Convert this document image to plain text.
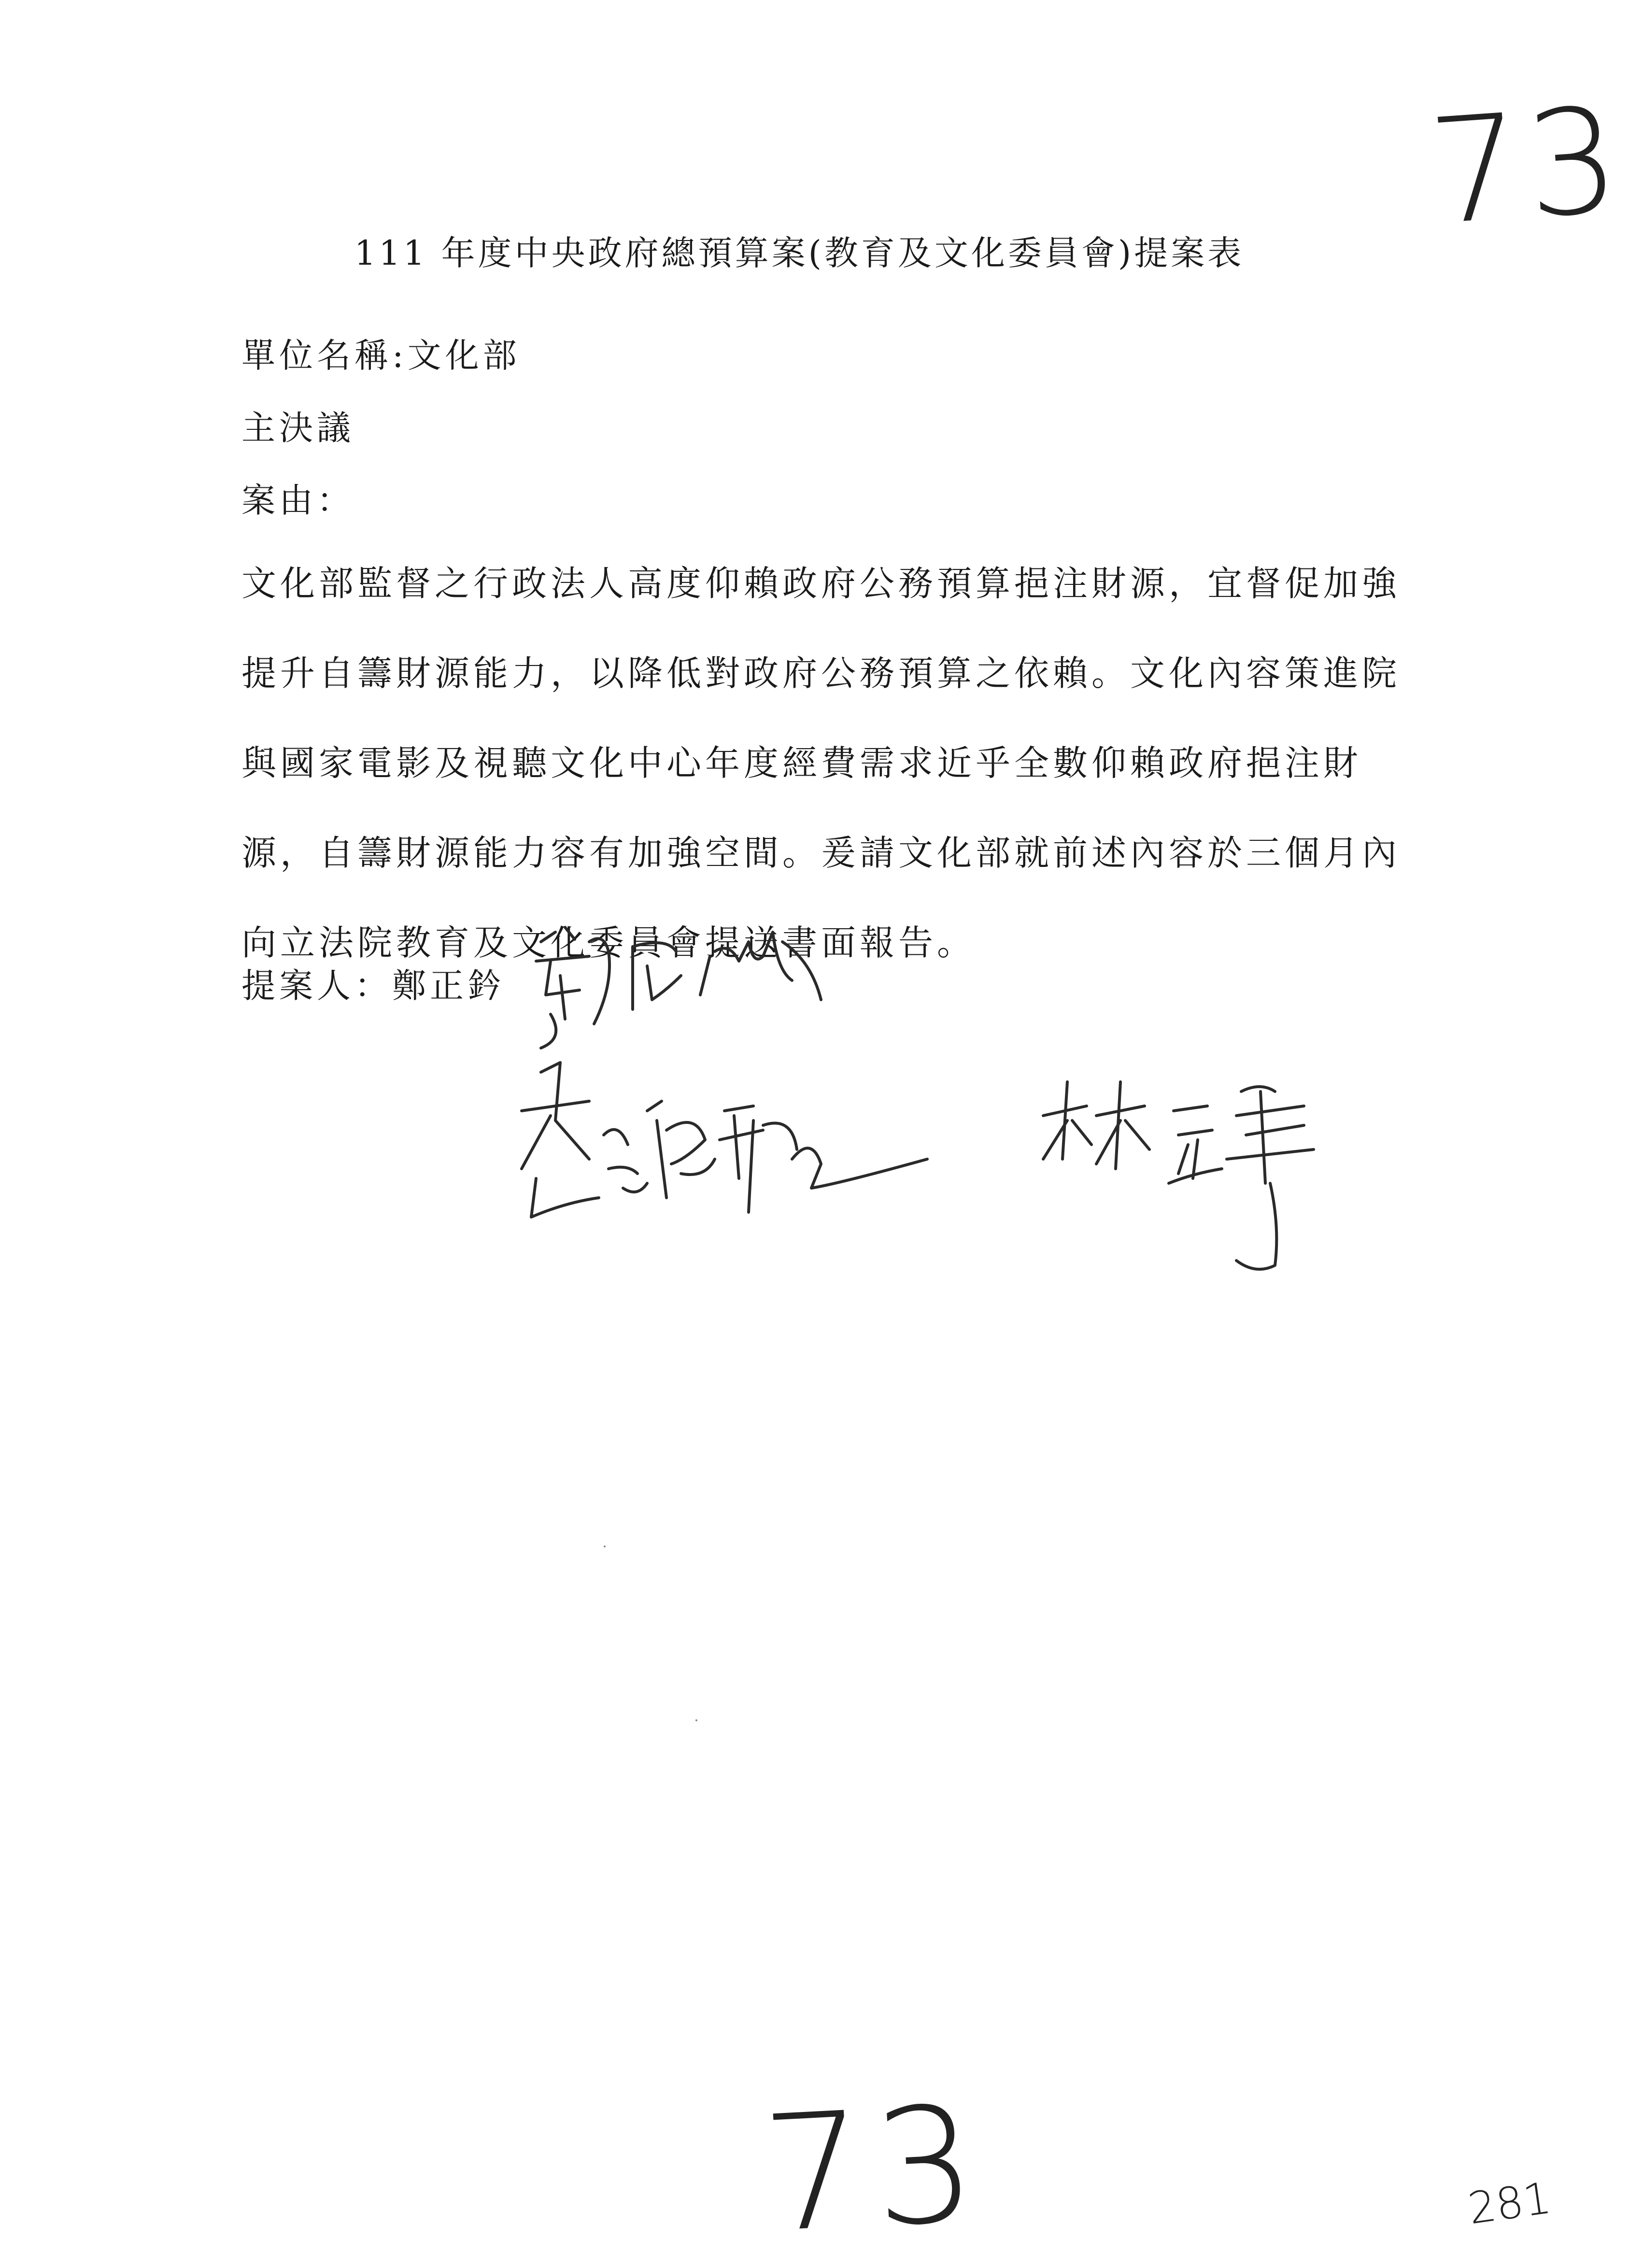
73
111 年度中央政府總預算案(教育及文化委員會)提案表

單位名稱:文化部

主決議

案由：

文化部監督之行政法人高度仰賴政府公務預算挹注財源，宜督促加強
提升自籌財源能力，以降低對政府公務預算之依賴。文化內容策進院
與國家電影及視聽文化中心年度經費需求近乎全數仰賴政府挹注財
源，自籌財源能力容有加強空間。爰請文化部就前述內容於三個月內
向立法院教育及文化委員會提送書面報告。

提案人：鄭正鈐

73	281
